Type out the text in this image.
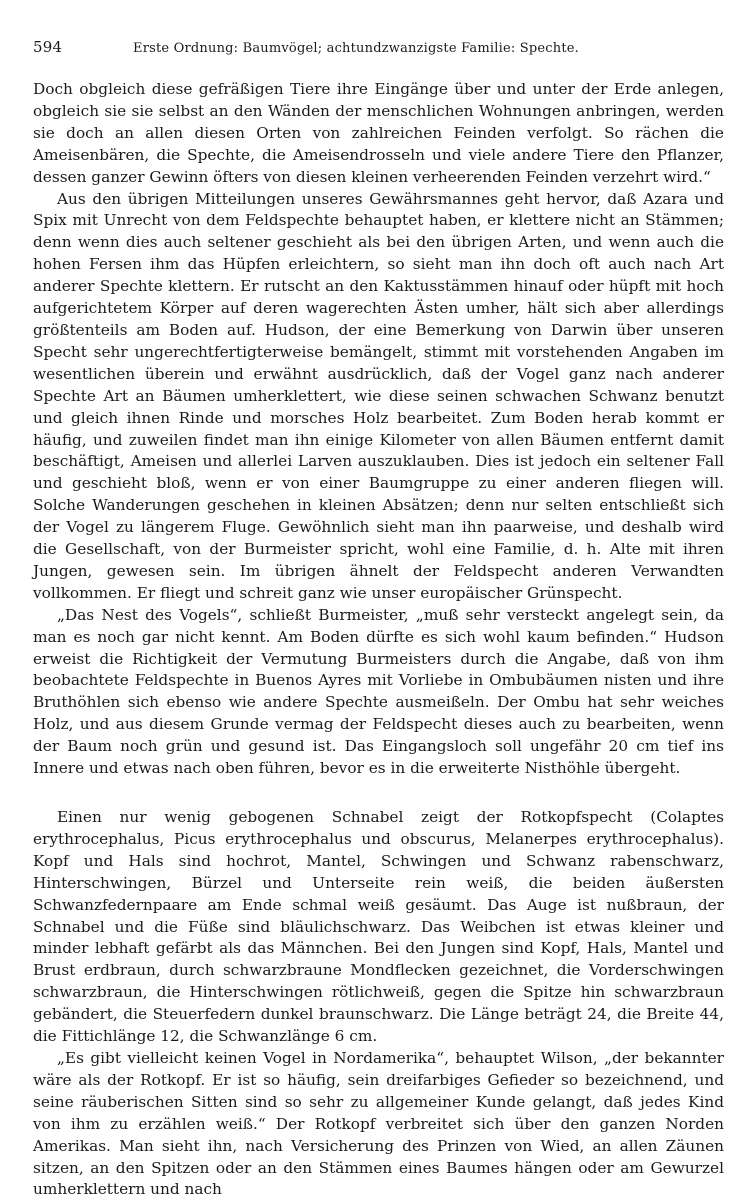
594	Erste Ordnung: Baumvögel; achtundzwanzigste Familie: Spechte.

Doch obgleich diese gefräßigen Tiere ihre Eingänge über und unter der Erde anlegen, obgleich sie sie selbst an den Wänden der menschlichen Wohnungen anbringen, werden sie doch an allen diesen Orten von zahlreichen Feinden verfolgt. So rächen die Ameisenbären, die Spechte, die Ameisendrosseln und viele andere Tiere den Pflanzer, dessen ganzer Gewinn öfters von diesen kleinen verheerenden Feinden verzehrt wird.“

Aus den übrigen Mitteilungen unseres Gewährsmannes geht hervor, daß Azara und Spix mit Unrecht von dem Feldspechte behauptet haben, er klettere nicht an Stämmen; denn wenn dies auch seltener geschieht als bei den übrigen Arten, und wenn auch die hohen Fersen ihm das Hüpfen erleichtern, so sieht man ihn doch oft auch nach Art anderer Spechte klettern. Er rutscht an den Kaktusstämmen hinauf oder hüpft mit hoch aufgerichtetem Körper auf deren wagerechten Ästen umher, hält sich aber allerdings größtenteils am Boden auf. Hudson, der eine Bemerkung von Darwin über unseren Specht sehr ungerechtfertigterweise bemängelt, stimmt mit vorstehenden Angaben im wesentlichen überein und erwähnt ausdrücklich, daß der Vogel ganz nach anderer Spechte Art an Bäumen umherklettert, wie diese seinen schwachen Schwanz benutzt und gleich ihnen Rinde und morsches Holz bearbeitet. Zum Boden herab kommt er häufig, und zuweilen findet man ihn einige Kilometer von allen Bäumen entfernt damit beschäftigt, Ameisen und allerlei Larven auszuklauben. Dies ist jedoch ein seltener Fall und geschieht bloß, wenn er von einer Baumgruppe zu einer anderen fliegen will. Solche Wanderungen geschehen in kleinen Absätzen; denn nur selten entschließt sich der Vogel zu längerem Fluge. Gewöhnlich sieht man ihn paarweise, und deshalb wird die Gesellschaft, von der Burmeister spricht, wohl eine Familie, d. h. Alte mit ihren Jungen, gewesen sein. Im übrigen ähnelt der Feldspecht anderen Verwandten vollkommen. Er fliegt und schreit ganz wie unser europäischer Grünspecht.

„Das Nest des Vogels“, schließt Burmeister, „muß sehr versteckt angelegt sein, da man es noch gar nicht kennt. Am Boden dürfte es sich wohl kaum befinden.“ Hudson erweist die Richtigkeit der Vermutung Burmeisters durch die Angabe, daß von ihm beobachtete Feldspechte in Buenos Ayres mit Vorliebe in Ombubäumen nisten und ihre Bruthöhlen sich ebenso wie andere Spechte ausmeißeln. Der Ombu hat sehr weiches Holz, und aus diesem Grunde vermag der Feldspecht dieses auch zu bearbeiten, wenn der Baum noch grün und gesund ist. Das Eingangsloch soll ungefähr 20 cm tief ins Innere und etwas nach oben führen, bevor es in die erweiterte Nisthöhle übergeht.

Einen nur wenig gebogenen Schnabel zeigt der Rotkopfspecht (Colaptes erythrocephalus, Picus erythrocephalus und obscurus, Melanerpes erythrocephalus). Kopf und Hals sind hochrot, Mantel, Schwingen und Schwanz rabenschwarz, Hinterschwingen, Bürzel und Unterseite rein weiß, die beiden äußersten Schwanzfedernpaare am Ende schmal weiß gesäumt. Das Auge ist nußbraun, der Schnabel und die Füße sind bläulichschwarz. Das Weibchen ist etwas kleiner und minder lebhaft gefärbt als das Männchen. Bei den Jungen sind Kopf, Hals, Mantel und Brust erdbraun, durch schwarzbraune Mondflecken gezeichnet, die Vorderschwingen schwarzbraun, die Hinterschwingen rötlichweiß, gegen die Spitze hin schwarzbraun gebändert, die Steuerfedern dunkel braunschwarz. Die Länge beträgt 24, die Breite 44, die Fittichlänge 12, die Schwanzlänge 6 cm.

„Es gibt vielleicht keinen Vogel in Nordamerika“, behauptet Wilson, „der bekannter wäre als der Rotkopf. Er ist so häufig, sein dreifarbiges Gefieder so bezeichnend, und seine räuberischen Sitten sind so sehr zu allgemeiner Kunde gelangt, daß jedes Kind von ihm zu erzählen weiß.“ Der Rotkopf verbreitet sich über den ganzen Norden Amerikas. Man sieht ihn, nach Versicherung des Prinzen von Wied, an allen Zäunen sitzen, an den Spitzen oder an den Stämmen eines Baumes hängen oder am Gewurzel umherklettern und nach
